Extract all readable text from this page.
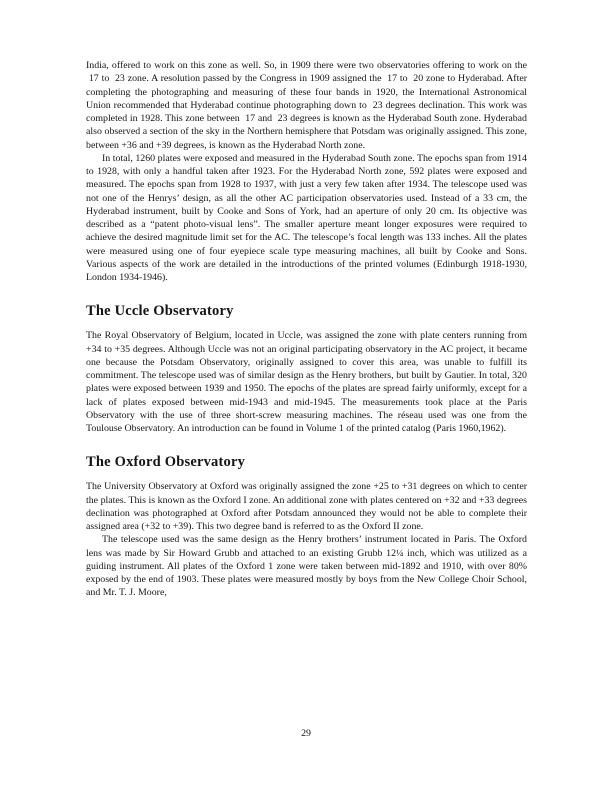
India, offered to work on this zone as well. So, in 1909 there were two observatories offering to work on the  17 to  23 zone. A resolution passed by the Congress in 1909 assigned the  17 to  20 zone to Hyderabad. After completing the photographing and measuring of these four bands in 1920, the International Astronomical Union recommended that Hyderabad continue photographing down to  23 degrees declination. This work was completed in 1928. This zone between  17 and  23 degrees is known as the Hyderabad South zone. Hyderabad also observed a section of the sky in the Northern hemisphere that Potsdam was originally assigned. This zone, between +36 and +39 degrees, is known as the Hyderabad North zone.

In total, 1260 plates were exposed and measured in the Hyderabad South zone. The epochs span from 1914 to 1928, with only a handful taken after 1923. For the Hyderabad North zone, 592 plates were exposed and measured. The epochs span from 1928 to 1937, with just a very few taken after 1934. The telescope used was not one of the Henrys’ design, as all the other AC participation observatories used. Instead of a 33 cm, the Hyderabad instrument, built by Cooke and Sons of York, had an aperture of only 20 cm. Its objective was described as a “patent photo-visual lens”. The smaller aperture meant longer exposures were required to achieve the desired magnitude limit set for the AC. The telescope’s focal length was 133 inches. All the plates were measured using one of four eyepiece scale type measuring machines, all built by Cooke and Sons. Various aspects of the work are detailed in the introductions of the printed volumes (Edinburgh 1918-1930, London 1934-1946).

The Uccle Observatory

The Royal Observatory of Belgium, located in Uccle, was assigned the zone with plate centers running from +34 to +35 degrees. Although Uccle was not an original participating observatory in the AC project, it became one because the Potsdam Observatory, originally assigned to cover this area, was unable to fulfill its commitment. The telescope used was of similar design as the Henry brothers, but built by Gautier. In total, 320 plates were exposed between 1939 and 1950. The epochs of the plates are spread fairly uniformly, except for a lack of plates exposed between mid-1943 and mid-1945. The measurements took place at the Paris Observatory with the use of three short-screw measuring machines. The réseau used was one from the Toulouse Observatory. An introduction can be found in Volume 1 of the printed catalog (Paris 1960,1962).

The Oxford Observatory

The University Observatory at Oxford was originally assigned the zone +25 to +31 degrees on which to center the plates. This is known as the Oxford I zone. An additional zone with plates centered on +32 and +33 degrees declination was photographed at Oxford after Potsdam announced they would not be able to complete their assigned area (+32 to +39). This two degree band is referred to as the Oxford II zone.

The telescope used was the same design as the Henry brothers’ instrument located in Paris. The Oxford lens was made by Sir Howard Grubb and attached to an existing Grubb 12¼ inch, which was utilized as a guiding instrument. All plates of the Oxford 1 zone were taken between mid-1892 and 1910, with over 80% exposed by the end of 1903. These plates were measured mostly by boys from the New College Choir School, and Mr. T. J. Moore,

29
